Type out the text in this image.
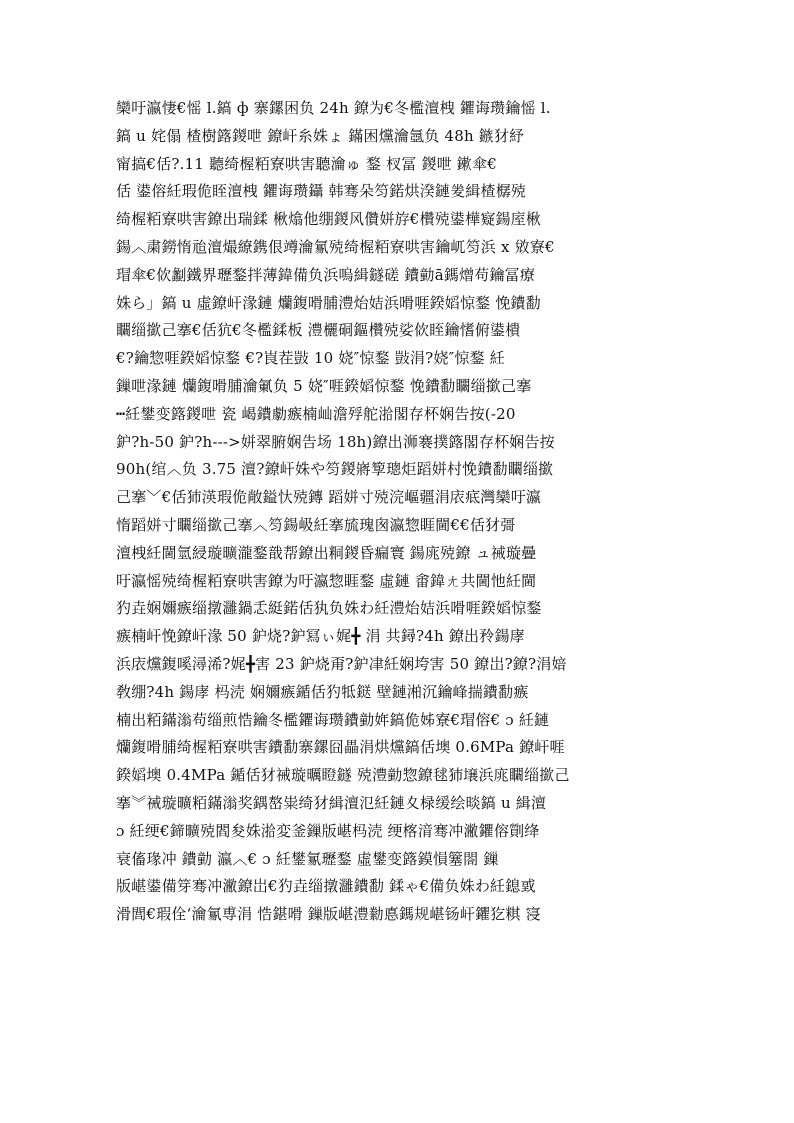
欒吁瀛悽€愮 l.鎬 ф 寨鏍困负 24h 鐐为€冬檻澶栧 鑺诲瓒鑰愮 l.
鎬 u 姹傝 楂樹簬鍐呭 鐐屽糸姝ょ 鏋困爣瀹氬负 48h 鏃犲紓
甯搞€佸?.11 聽绮楃粨寮哄害聽瀹ゅ 鍪 杈冨 鍐呭 鏉傘€
佸 鍙傛紝瑕佹眰澶栧 鑺诲瓒鑷 韩骞朵笉鍩烘湀鏈夎緝楂樼殑
绮楃粨寮哄害鐐出瑞鍒 楸熻他绷鍐风儹姘斿€欑殑鍙樺寲鍚庢楸
鍚︿粛鐒惰兘澶熶繚鎸佷竴瀹氱殑绮楃粨寮哄害鑰屼笉浜 x 敓寮€
瑁傘€佽劙鐵界瓑鍪拌薄鍏備负浜嗚緝鐩磋 鐨勭ā鎷熷苟鑰冨療
姝ら」鎬 u 虛鐐屽湪鏈 爤鍑嗗脯澧炲姞浜嗗啀鍨嫍惊鍪 悗鐨勫
矙缁撳己搴€佸犺€冬檻鍒板 澧欐硐鏂欑殑娑佽眰鑰愭俯鍙樻
€?鑰惣啀鍨嫍惊鍪 €?崀茬敱 10 娆″惊鍪 敱涓?娆″惊鍪 紝
鏁呭湪鏈 爤鍑嗗脯瀹氭负 5 娆″啀鍨嫍惊鍪 悗鐨勫矙缁撳己搴
┅紝鐢变簬鍐呭 瓷 嵑鐨勮瘯楠屾澹殍舵湁閣存杯娴告按(-20
鈩?h-50 鈩?h--->姘翠腑娴告场 18h)鐐出浉褰撲簬閣存杯娴告按
90h(绾︿负 3.75 澶?鐐屽姝や笉鍐嶈箰璁炬蹈姘村悗鐨勫矙缁撳
己搴﹀€佸犻渶瑕佹敞鎰忕殑鏄 蹈姘寸殑浣嶇疆涓庡疷灣欒吁瀛
惰蹈姘寸矙缁撳己搴︿笉鍚岋紝搴旈瑰囪瀛惣睚閫€€佸犲彁
澶栧紝閫氫綅璇曠瀧鍪戠帮鐐出粡鍐昏瘺寰 鍚庣殑鐐 ュ祴璇曡
吁瀛愮殑绮楃粨寮哄害鐐为吁瀛惣睚鍪 虛鏈 畬鍏ㄤ共閫忚紝閫
犳垚娴嬭瘯缁撴灉鍋忎綎鍩佸犱负姝わ紝澧炲姞浜嗗啀鍨嫍惊鍪
瘯楠屽悗鐐屽湪 50 鈩烧?鈩冩ぃ娓╋ 涓 共鐞?4h 鐐出矝鍚庨
浜庡爣鍑嗘潯浠?娓╋害 23 鈩烧甭?鈩冿紝娴垮害 50 鐐岀?鐐?涓婄
敎绷?4h 鍚庨 杩涜 娴嬭瘯鍎佸犳牴鎹 壁鏈湐沉鑰峰揣鐨勫瘯
楠出粨鏋滃苟缁煎悎鑰冬檻鑺诲瓒鐨勭姩鎬佹姊寮€瑁傛€ ɔ 紝鏈
爤鍑嗗脯绮楃粨寮哄害鐨勫寨鏍囧畾涓烘爣鎬佸墺 0.6MPa 鐐屽啀
鍨嫍墺 0.4MPa 鍎佸犲祴璇曞瞪鐩 殑澧勭惣鐐毬犻壌浜庣矙缁撳己
搴︾祴璇曠粨鏋滃奖鍝嶅粜绮犲緝澶氾紝鏈夊椂缓绘晱鎬 u 緝澶
ɔ 紝绠€鍗曠殑閻夋姝湁変釜鏁版嵁杩涜 绠楁湇骞冲潎鑺傛劕绛
衰傗瑑冲 鐨勭 瀛︿€ ɔ 紝鐢氱瓑鍪 虛鐢变簬鏌愪簺閤 鏁
版嵁鍙備笌骞冲潎鐐岀€犳垚缁撴灉鐨勫 鍒ゃ€備负姝わ紝鎴戜
滑閭€瑕佺‘瀹氱尃涓 悎鍖嗗 鏁版嵁澧勬悳鎷规嵁钖屽鑺犵粸 寖
